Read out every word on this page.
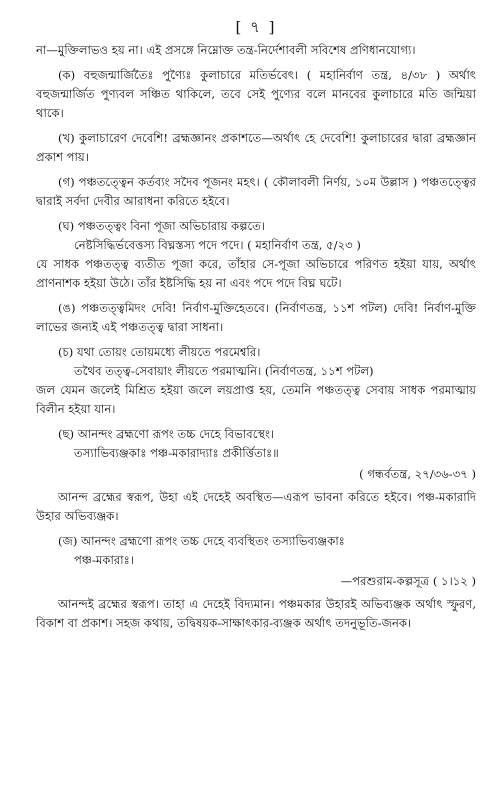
[ ৭ ]

না—মুক্তিলাভও হয় না। এই প্রসঙ্গে নিম্নোক্ত তন্ত্র-নির্দেশাবলী সবিশেষ প্রণিধানযোগ্য।

(ক) বহুজন্মার্জিতৈঃ পুণ্যৈঃ কুলাচারে মতির্ভবেৎ। ( মহানির্বাণ তন্ত্র, ৪/৩৮ ) অর্থাৎ বহুজন্মার্জিত পুণ্যবল সঞ্চিত থাকিলে, তবে সেই পুণ্যের বলে মানবের কুলাচারে মতি জন্মিয়া থাকে।

(খ) কুলাচারেণ দেবেশি! ব্রহ্মজ্ঞানং প্রকাশতে—অর্থাৎ হে দেবেশি! কুলাচারের দ্বারা ব্রহ্মজ্ঞান প্রকাশ পায়।

(গ) পঞ্চতত্ত্বেন কর্তব্যং সদৈব পূজনং মহৎ। ( কৌলাবলী নির্ণয়, ১০ম উল্লাস ) পঞ্চতত্ত্বের দ্বারাই সর্বদা দেবীর আরাধনা করিতে হইবে।

(ঘ) পঞ্চতত্ত্বং বিনা পূজা অভিচারায় কল্পতে।

নেষ্টসিদ্ধির্ভবেত্তস্য বিঘ্নস্তস্য পদে পদে। ( মহানির্বাণ তন্ত্র, ৫/২৩ )

যে সাধক পঞ্চতত্ত্ব ব্যতীত পূজা করে, তাঁহার সে-পূজা অভিচারে পরিণত হইয়া যায়, অর্থাৎ প্রাণনাশক হইয়া উঠে। তাঁর ইষ্টসিদ্ধি হয় না এবং পদে পদে বিঘ্ন ঘটে।

(ঙ) পঞ্চতত্ত্বমিদং দেবি! নির্বাণ-মুক্তিহেতবে। (নির্বাণতন্ত্র, ১১শ পটল) দেবি! নির্বাণ-মুক্তি লাভের জন্যই এই পঞ্চতত্ত্ব দ্বারা সাধনা।

(চ) যথা তোয়ং তোয়মধ্যে লীয়তে পরমেশ্বরি।

তথৈব তত্ত্ব-সেবায়াং লীয়তে পরমাত্মনি। (নির্বাণতন্ত্র, ১১শ পটল)

জল যেমন জলেই মিশ্রিত হইয়া জলে লয়প্রাপ্ত হয়, তেমনি পঞ্চতত্ত্ব সেবায় সাধক পরমাত্মায় বিলীন হইয়া যান।

(ছ) আনন্দং ব্রহ্মণো রূপং তচ্চ দেহে বিভাবস্থেং।

তস্যাভিব্যঞ্জকাঃ পঞ্চ-মকারাদ্যাঃ প্রকীর্ত্তিতাঃ॥

( গন্ধর্বতন্ত্র, ২৭/৩৬-৩৭ )

আনন্দ ব্রহ্মের স্বরূপ, উহা এই দেহেই অবস্থিত—এরূপ ভাবনা করিতে হইবে। পঞ্চ-মকারাদি উহার অভিব্যঞ্জক।

(জ) আনন্দং ব্রহ্মণো রূপং তচ্চ দেহে ব্যবস্থিতং তস্যাভিব্যঞ্জকাঃ

পঞ্চ-মকারাঃ।

—পরশুরাম-কল্পসূত্র ( ১।১২ )

আনন্দই ব্রহ্মের স্বরূপ। তাহা এ দেহেই বিদ্যমান। পঞ্চমকার উহারই অভিব্যঞ্জক অর্থাৎ স্ফুরণ, বিকাশ বা প্রকাশ। সহজ কথায়, তদ্বিষয়ক-সাক্ষাৎকার-ব্যঞ্জক অর্থাৎ তদনুভূতি-জনক।
